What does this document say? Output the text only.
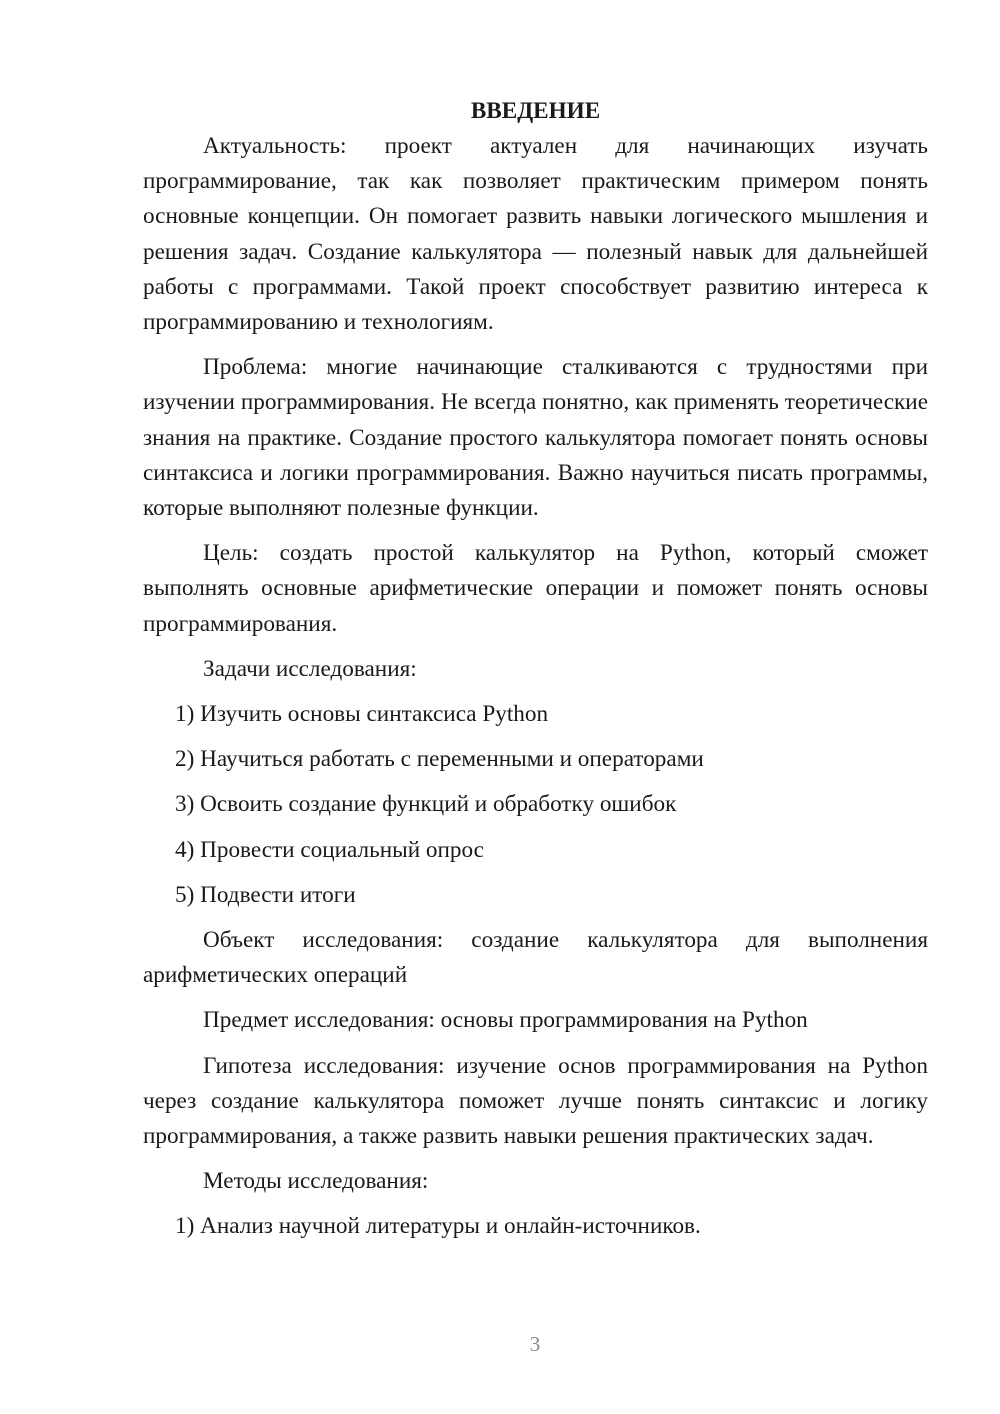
ВВЕДЕНИЕ

Актуальность: проект актуален для начинающих изучать программирование, так как позволяет практическим примером понять основные концепции. Он помогает развить навыки логического мышления и решения задач. Создание калькулятора — полезный навык для дальнейшей работы с программами. Такой проект способствует развитию интереса к программированию и технологиям.

Проблема: многие начинающие сталкиваются с трудностями при изучении программирования. Не всегда понятно, как применять теоретические знания на практике. Создание простого калькулятора помогает понять основы синтаксиса и логики программирования. Важно научиться писать программы, которые выполняют полезные функции.

Цель: создать простой калькулятор на Python, который сможет выполнять основные арифметические операции и поможет понять основы программирования.

Задачи исследования:

1) Изучить основы синтаксиса Python
2) Научиться работать с переменными и операторами
3) Освоить создание функций и обработку ошибок
4) Провести социальный опрос
5) Подвести итоги

Объект исследования: создание калькулятора для выполнения арифметических операций

Предмет исследования: основы программирования на Python

Гипотеза исследования: изучение основ программирования на Python через создание калькулятора поможет лучше понять синтаксис и логику программирования, а также развить навыки решения практических задач.

Методы исследования:

1) Анализ научной литературы и онлайн-источников.
3
